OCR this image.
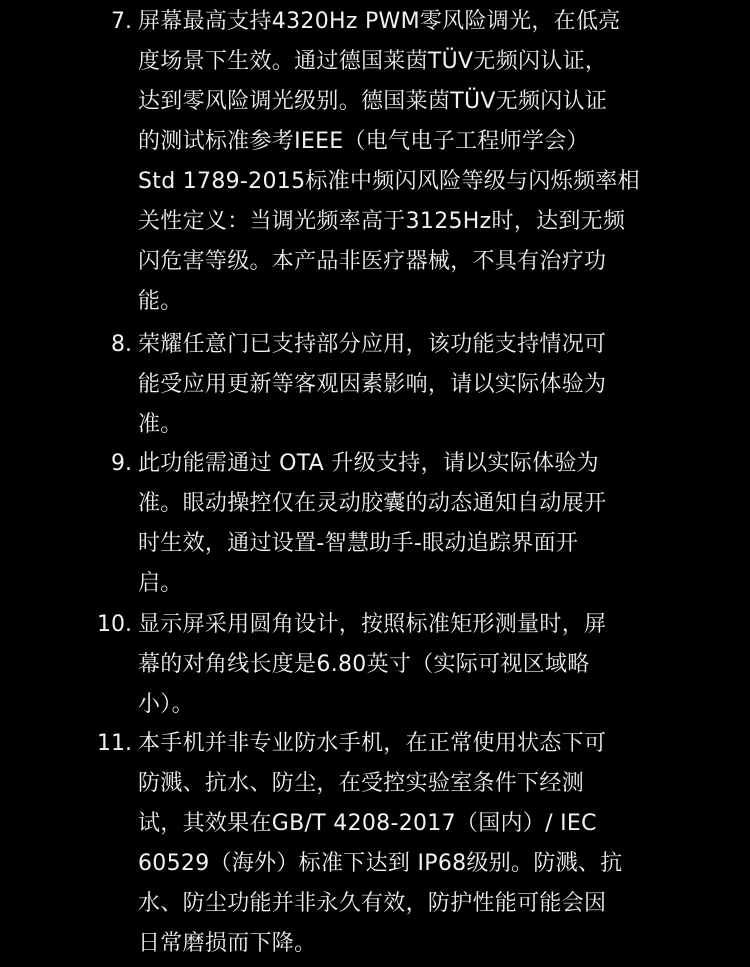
7. 屏幕最高支持4320Hz PWM零风险调光，在低亮
度场景下生效。通过德国莱茵TÜV无频闪认证，
达到零风险调光级别。德国莱茵TÜV无频闪认证
的测试标准参考IEEE（电气电子工程师学会）
Std 1789-2015标准中频闪风险等级与闪烁频率相
关性定义：当调光频率高于3125Hz时，达到无频
闪危害等级。本产品非医疗器械，不具有治疗功
能。
8. 荣耀任意门已支持部分应用，该功能支持情况可
能受应用更新等客观因素影响，请以实际体验为
准。
9. 此功能需通过 OTA 升级支持，请以实际体验为
准。眼动操控仅在灵动胶囊的动态通知自动展开
时生效，通过设置-智慧助手-眼动追踪界面开
启。
10. 显示屏采用圆角设计，按照标准矩形测量时，屏
幕的对角线长度是6.80英寸（实际可视区域略
小）。
11. 本手机并非专业防水手机，在正常使用状态下可
防溅、抗水、防尘，在受控实验室条件下经测
试，其效果在GB/T 4208-2017（国内）/ IEC
60529（海外）标准下达到 IP68级别。防溅、抗
水、防尘功能并非永久有效，防护性能可能会因
日常磨损而下降。
